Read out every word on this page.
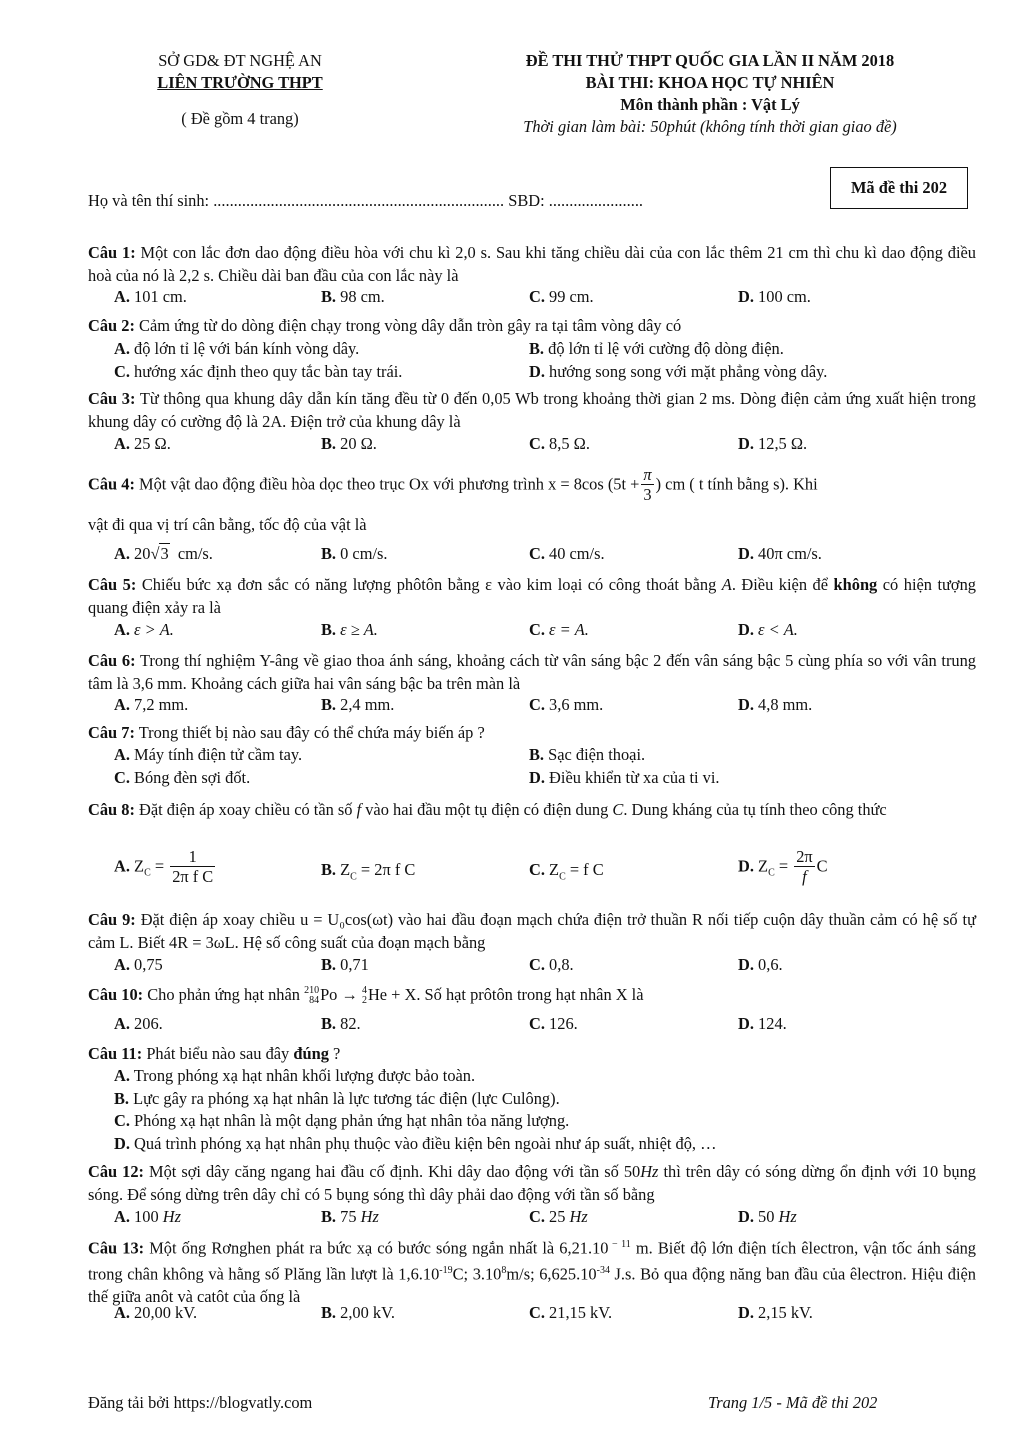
SỞ GD& ĐT NGHỆ AN
LIÊN TRƯỜNG THPT
( Đề gồm 4 trang)
ĐỀ THI THỬ THPT QUỐC GIA LẦN II NĂM 2018
BÀI THI: KHOA HỌC TỰ NHIÊN
Môn thành phần : Vật Lý
Thời gian làm bài: 50phút (không tính thời gian giao đề)
Mã đề thi 202
Họ và tên thí sinh: ....................................................................... SBD: .......................
Câu 1: Một con lắc đơn dao động điều hòa với chu kì 2,0 s. Sau khi tăng chiều dài của con lắc thêm 21 cm thì chu kì dao động điều hoà của nó là 2,2 s. Chiều dài ban đầu của con lắc này là
A. 101 cm.	B. 98 cm.	C. 99 cm.	D. 100 cm.
Câu 2: Cảm ứng từ do dòng điện chạy trong vòng dây dẫn tròn gây ra tại tâm vòng dây có
A. độ lớn tỉ lệ với bán kính vòng dây.	B. độ lớn tỉ lệ với cường độ dòng điện.
C. hướng xác định theo quy tắc bàn tay trái.	D. hướng song song với mặt phẳng vòng dây.
Câu 3: Từ thông qua khung dây dẫn kín tăng đều từ 0 đến 0,05 Wb trong khoảng thời gian 2 ms. Dòng điện cảm ứng xuất hiện trong khung dây có cường độ là 2A. Điện trở của khung dây là
A. 25 Ω.	B. 20 Ω.	C. 8,5 Ω.	D. 12,5 Ω.
Câu 4: Một vật dao động điều hòa dọc theo trục Ox với phương trình x = 8cos ($5t + \frac{\pi}{3}$ ) cm ( t tính bằng s). Khi
vật đi qua vị trí cân bằng, tốc độ của vật là
A. 20√3 cm/s.	B. 0 cm/s.	C. 40 cm/s.	D. 40π cm/s.
Câu 5: Chiếu bức xạ đơn sắc có năng lượng phôtôn bằng ε vào kim loại có công thoát bằng A. Điều kiện để không có hiện tượng quang điện xảy ra là
A. ε > A.	B. ε ≥ A.	C. ε = A.	D. ε < A.
Câu 6: Trong thí nghiệm Y-âng về giao thoa ánh sáng, khoảng cách từ vân sáng bậc 2 đến vân sáng bậc 5 cùng phía so với vân trung tâm là 3,6 mm. Khoảng cách giữa hai vân sáng bậc ba trên màn là
A. 7,2 mm.	B. 2,4 mm.	C. 3,6 mm.	D. 4,8 mm.
Câu 7: Trong thiết bị nào sau đây có thể chứa máy biến áp ?
A. Máy tính điện tử cầm tay.	B. Sạc điện thoại.
C. Bóng đèn sợi đốt.	D. Điều khiển từ xa của ti vi.
Câu 8: Đặt điện áp xoay chiều có tần số f vào hai đầu một tụ điện có điện dung C. Dung kháng của tụ tính theo công thức
A. $Z_C = \frac{1}{\text{2π f C}}$	B. $Z_C = 2\pi$ f C	C. $Z_C = f$ C	D. $Z_C = \frac{2\pi}{f}$ C
Câu 9: Đặt điện áp xoay chiều u = U₀cos(ωt) vào hai đầu đoạn mạch chứa điện trở thuần R nối tiếp cuộn dây thuần cảm có hệ số tự cảm L. Biết 4R = 3ωL. Hệ số công suất của đoạn mạch bằng
A. 0,75	B. 0,71	C. 0,8.	D. 0,6.
Câu 10: Cho phản ứng hạt nhân 210
84Po → 4
2He + X. Số hạt prôtôn trong hạt nhân X là
A. 206.	B. 82.	C. 126.	D. 124.
Câu 11: Phát biểu nào sau đây đúng ?
A. Trong phóng xạ hạt nhân khối lượng được bảo toàn.
B. Lực gây ra phóng xạ hạt nhân là lực tương tác điện (lực Culông).
C. Phóng xạ hạt nhân là một dạng phản ứng hạt nhân tỏa năng lượng.
D. Quá trình phóng xạ hạt nhân phụ thuộc vào điều kiện bên ngoài như áp suất, nhiệt độ, …
Câu 12: Một sợi dây căng ngang hai đầu cố định. Khi dây dao động với tần số 50Hz thì trên dây có sóng dừng ổn định với 10 bụng sóng. Để sóng dừng trên dây chỉ có 5 bụng sóng thì dây phải dao động với tần số bằng
A. 100 Hz	B. 75 Hz	C. 25 Hz	D. 50 Hz
Câu 13: Một ống Rơnghen phát ra bức xạ có bước sóng ngắn nhất là 6,21.10 $^{- 11}$ m. Biết độ lớn điện tích êlectron, vận tốc ánh sáng trong chân không và hằng số Plăng lần lượt là $1,6.10^{-19}C$; 3.10$^8$m/s; $6,625.10^{-34}$ J.s. Bỏ qua động năng ban đầu của êlectron. Hiệu điện thế giữa anôt và catôt của ống là
A. 20,00 kV.	B. 2,00 kV.	C. 21,15 kV.	D. 2,15 kV.
Đăng tải bởi https://blogvatly.com	Trang 1/5 - Mã đề thi 202
